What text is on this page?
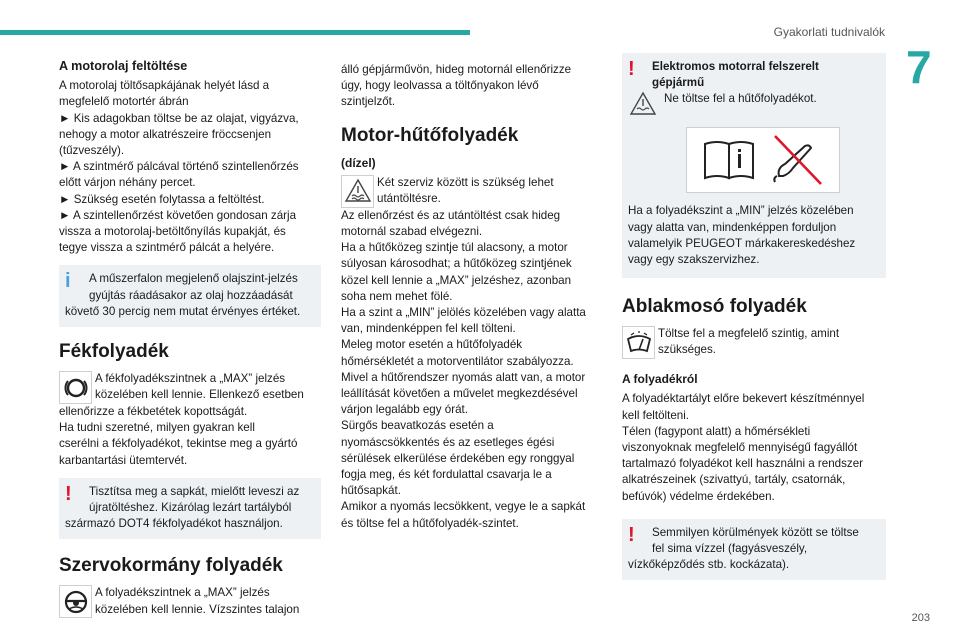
Gyakorlati tudnivalók
7
203
A motorolaj feltöltése
A motorolaj töltősapkájának helyét lásd a
megfelelő motortér ábrán
► Kis adagokban töltse be az olajat, vigyázva,
nehogy a motor alkatrészeire fröccsenjen
(tűzveszély).
► A szintmérő pálcával történő szintellenőrzés
előtt várjon néhány percet.
► Szükség esetén folytassa a feltöltést.
► A szintellenőrzést követően gondosan zárja
vissza a motorolaj-betöltőnyílás kupakját, és
tegye vissza a szintmérő pálcát a helyére.
i	A műszerfalon megjelenő olajszint-jelzés
gyújtás ráadásakor az olaj hozzáadását
követő 30 percig nem mutat érvényes értéket.
Fékfolyadék
A fékfolyadékszintnek a „MAX” jelzés
közelében kell lennie. Ellenkező esetben
ellenőrizze a fékbetétek kopottságát.
Ha tudni szeretné, milyen gyakran kell
cserélni a fékfolyadékot, tekintse meg a gyártó
karbantartási ütemtervét.
!	Tisztítsa meg a sapkát, mielőtt leveszi az
újratöltéshez. Kizárólag lezárt tartályból
származó DOT4 fékfolyadékot használjon.
Szervokormány folyadék
A folyadékszintnek a „MAX” jelzés
közelében kell lennie. Vízszintes talajon
álló gépjárművön, hideg motornál ellenőrizze
úgy, hogy leolvassa a töltőnyakon lévő
szintjelzőt.
Motor-hűtőfolyadék
(dízel)
Két szerviz között is szükség lehet
utántöltésre.
Az ellenőrzést és az utántöltést csak hideg
motornál szabad elvégezni.
Ha a hűtőközeg szintje túl alacsony, a motor
súlyosan károsodhat; a hűtőközeg szintjének
közel kell lennie a „MAX” jelzéshez, azonban
soha nem mehet fölé.
Ha a szint a „MIN” jelölés közelében vagy alatta
van, mindenképpen fel kell tölteni.
Meleg motor esetén a hűtőfolyadék
hőmérsékletét a motorventilátor szabályozza.
Mivel a hűtőrendszer nyomás alatt van, a motor
leállítását követően a művelet megkezdésével
várjon legalább egy órát.
Sürgős beavatkozás esetén a
nyomáscsökkentés és az esetleges égési
sérülések elkerülése érdekében egy ronggyal
fogja meg, és két fordulattal csavarja le a
hűtősapkát.
Amikor a nyomás lecsökkent, vegye le a sapkát
és töltse fel a hűtőfolyadék-szintet.
!	Elektromos motorral felszerelt
gépjármű
Ne töltse fel a hűtőfolyadékot.
Ha a folyadékszint a „MIN” jelzés közelében
vagy alatta van, mindenképpen forduljon
valamelyik PEUGEOT márkakereskedéshez
vagy egy szakszervizhez.
Ablakmosó folyadék
Töltse fel a megfelelő szintig, amint
szükséges.
A folyadékról
A folyadéktartályt előre bekevert készítménnyel
kell feltölteni.
Télen (fagypont alatt) a hőmérsékleti
viszonyoknak megfelelő mennyiségű fagyállót
tartalmazó folyadékot kell használni a rendszer
alkatrészeinek (szivattyú, tartály, csatornák,
befúvók) védelme érdekében.
!	Semmilyen körülmények között se töltse
fel sima vízzel (fagyásveszély,
vízkőképződés stb. kockázata).
